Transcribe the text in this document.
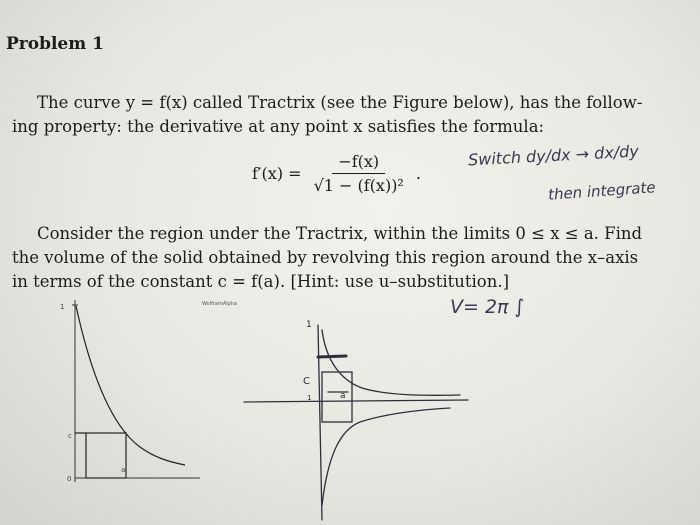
Problem 1
The curve y = f(x) called Tractrix (see the Figure below), has the follow-
ing property: the derivative at any point x satisfies the formula:
$f'(x) = \frac{-f(x)}{\text{√1 − (f(x))²}}$ .
Switch dy/dx → dx/dy
then integrate
Consider the region under the Tractrix, within the limits 0 ≤ x ≤ a. Find
the volume of the solid obtained by revolving this region around the x–axis
in terms of the constant c = f(a). [Hint: use u–substitution.]
V= 2π ∫
WolframAlpha
1
c
0
a
C
1
1	a
